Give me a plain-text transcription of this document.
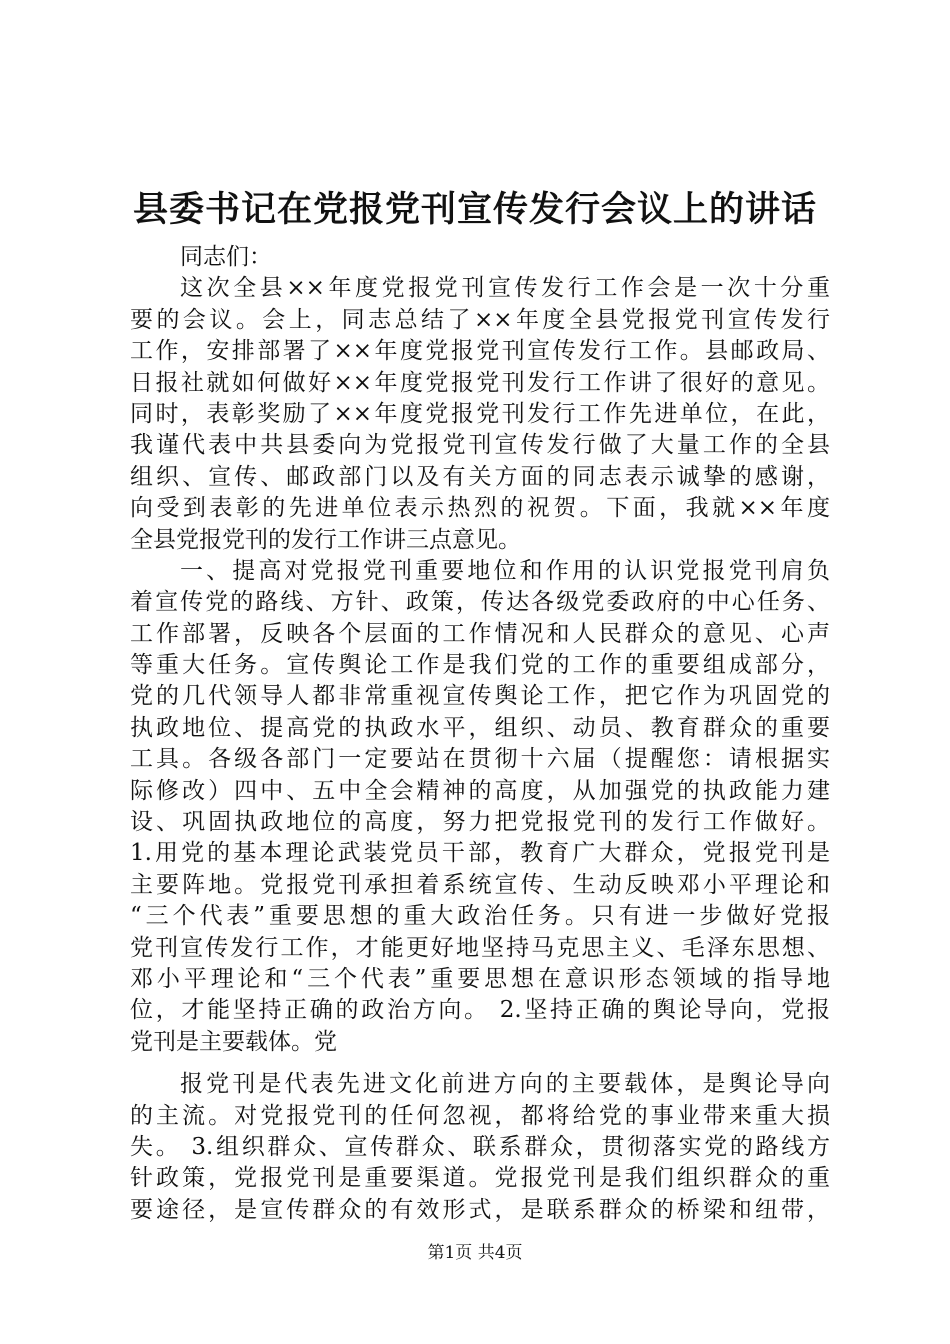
县委书记在党报党刊宣传发行会议上的讲话
同志们：
这次全县××年度党报党刊宣传发行工作会是一次十分重
要的会议。会上，同志总结了××年度全县党报党刊宣传发行
工作，安排部署了××年度党报党刊宣传发行工作。县邮政局、
日报社就如何做好××年度党报党刊发行工作讲了很好的意见。
同时，表彰奖励了××年度党报党刊发行工作先进单位，在此，
我谨代表中共县委向为党报党刊宣传发行做了大量工作的全县
组织、宣传、邮政部门以及有关方面的同志表示诚挚的感谢，
向受到表彰的先进单位表示热烈的祝贺。下面，我就××年度
全县党报党刊的发行工作讲三点意见。
一、提高对党报党刊重要地位和作用的认识党报党刊肩负
着宣传党的路线、方针、政策，传达各级党委政府的中心任务、
工作部署，反映各个层面的工作情况和人民群众的意见、心声
等重大任务。宣传舆论工作是我们党的工作的重要组成部分，
党的几代领导人都非常重视宣传舆论工作，把它作为巩固党的
执政地位、提高党的执政水平，组织、动员、教育群众的重要
工具。各级各部门一定要站在贯彻十六届（提醒您：请根据实
际修改）四中、五中全会精神的高度，从加强党的执政能力建
设、巩固执政地位的高度，努力把党报党刊的发行工作做好。
1.用党的基本理论武装党员干部，教育广大群众，党报党刊是
主要阵地。党报党刊承担着系统宣传、生动反映邓小平理论和
“三个代表”重要思想的重大政治任务。只有进一步做好党报
党刊宣传发行工作，才能更好地坚持马克思主义、毛泽东思想、
邓小平理论和“三个代表”重要思想在意识形态领域的指导地
位，才能坚持正确的政治方向。 2.坚持正确的舆论导向，党报
党刊是主要载体。党
报党刊是代表先进文化前进方向的主要载体，是舆论导向
的主流。对党报党刊的任何忽视，都将给党的事业带来重大损
失。 3.组织群众、宣传群众、联系群众，贯彻落实党的路线方
针政策，党报党刊是重要渠道。党报党刊是我们组织群众的重
要途径，是宣传群众的有效形式，是联系群众的桥梁和纽带，
第1页 共4页
